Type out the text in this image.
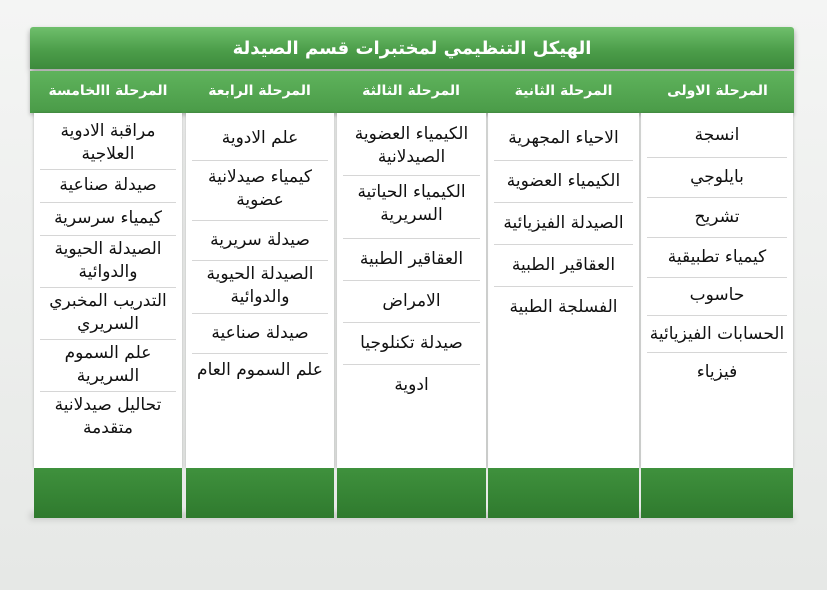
الهيكل التنظيمي لمختبرات قسم الصيدلة
المرحلة الاولى
المرحلة الثانية
المرحلة الثالثة
المرحلة الرابعة
المرحلة االخامسة
انسجة
بايلوجي
تشريح
كيمياء تطبيقية
حاسوب
الحسابات الفيزيائية
فيزياء
الاحياء المجهرية
الكيمياء العضوية
الصيدلة الفيزيائية
العقاقير الطبية
الفسلجة الطبية
الكيمياء العضوية الصيدلانية
الكيمياء الحياتية السريرية
العقاقير الطبية
الامراض
صيدلة تكنلوجيا
ادوية
علم الادوية
كيمياء صيدلانية عضوية
صيدلة سريرية
الصيدلة الحيوية والدوائية
صيدلة صناعية
علم السموم العام
مراقبة الادوية العلاجية
صيدلة صناعية
كيمياء سرسرية
الصيدلة الحيوية والدوائية
التدريب المخبري السريري
علم السموم السريرية
تحاليل صيدلانية متقدمة
